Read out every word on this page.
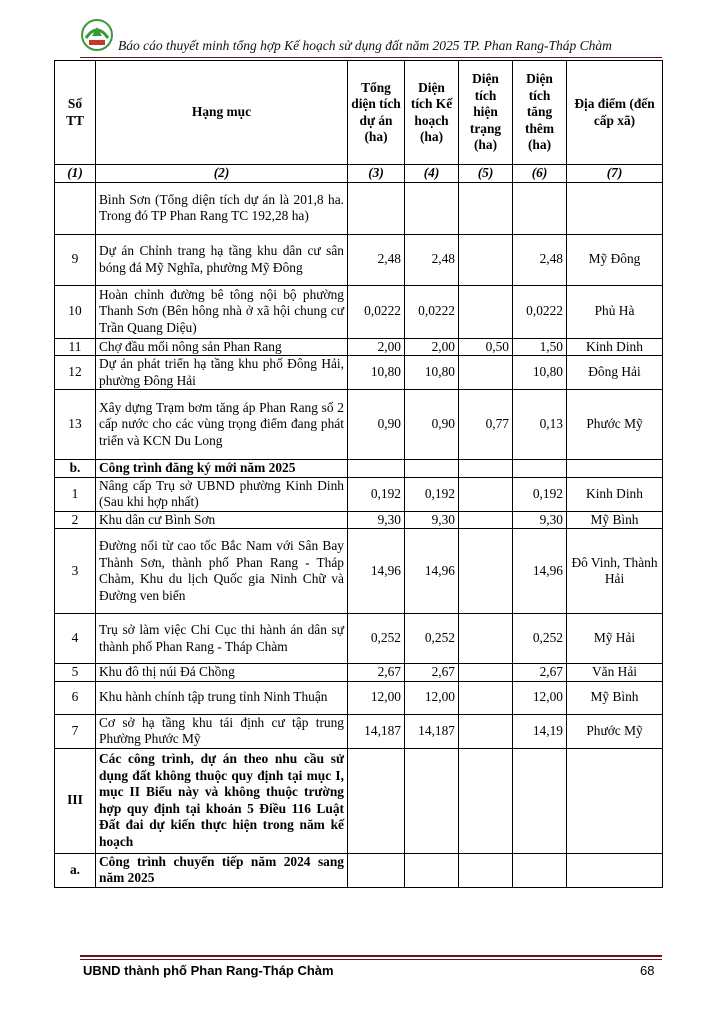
Báo cáo thuyết minh tổng hợp Kế hoạch sử dụng đất năm 2025 TP. Phan Rang-Tháp Chàm
Số TT	Hạng mục	Tổng diện tích dự án (ha)	Diện tích Kế hoạch (ha)	Diện tích hiện trạng (ha)	Diện tích tăng thêm (ha)	Địa điểm (đến cấp xã)
(1)	(2)	(3)	(4)	(5)	(6)	(7)
	Bình Sơn (Tổng diện tích dự án là 201,8 ha. Trong đó TP Phan Rang TC 192,28 ha)					
9	Dự án Chỉnh trang hạ tầng khu dân cư sân bóng đá Mỹ Nghĩa, phường Mỹ Đông	2,48	2,48		2,48	Mỹ Đông
10	Hoàn chỉnh đường bê tông nội bộ phường Thanh Sơn (Bên hông nhà ở xã hội chung cư Trần Quang Diệu)	0,0222	0,0222		0,0222	Phủ Hà
11	Chợ đầu mối nông sản Phan Rang	2,00	2,00	0,50	1,50	Kinh Dinh
12	Dự án phát triển hạ tầng khu phố Đông Hải, phường Đông Hải	10,80	10,80		10,80	Đông Hải
13	Xây dựng Trạm bơm tăng áp Phan Rang số 2 cấp nước cho các vùng trọng điểm đang phát triển và KCN Du Long	0,90	0,90	0,77	0,13	Phước Mỹ
b.	Công trình đăng ký mới năm 2025					
1	Nâng cấp Trụ sở UBND phường Kinh Dinh (Sau khi hợp nhất)	0,192	0,192		0,192	Kinh Dinh
2	Khu dân cư Bình Sơn	9,30	9,30		9,30	Mỹ Bình
3	Đường nối từ cao tốc Bắc Nam với Sân Bay Thành Sơn, thành phố Phan Rang - Tháp Chàm, Khu du lịch Quốc gia Ninh Chữ và Đường ven biển	14,96	14,96		14,96	Đô Vinh, Thành Hải
4	Trụ sở làm việc Chi Cục thi hành án dân sự thành phố Phan Rang - Tháp Chàm	0,252	0,252		0,252	Mỹ Hải
5	Khu đô thị núi Đá Chồng	2,67	2,67		2,67	Văn Hải
6	Khu hành chính tập trung tỉnh Ninh Thuận	12,00	12,00		12,00	Mỹ Bình
7	Cơ sở hạ tầng khu tái định cư tập trung Phường Phước Mỹ	14,187	14,187		14,19	Phước Mỹ
III	Các công trình, dự án theo nhu cầu sử dụng đất không thuộc quy định tại mục I, mục II Biểu này và không thuộc trường hợp quy định tại khoản 5 Điều 116 Luật Đất đai dự kiến thực hiện trong năm kế hoạch					
a.	Công trình chuyển tiếp năm 2024 sang năm 2025					
UBND thành phố Phan Rang-Tháp Chàm	68
